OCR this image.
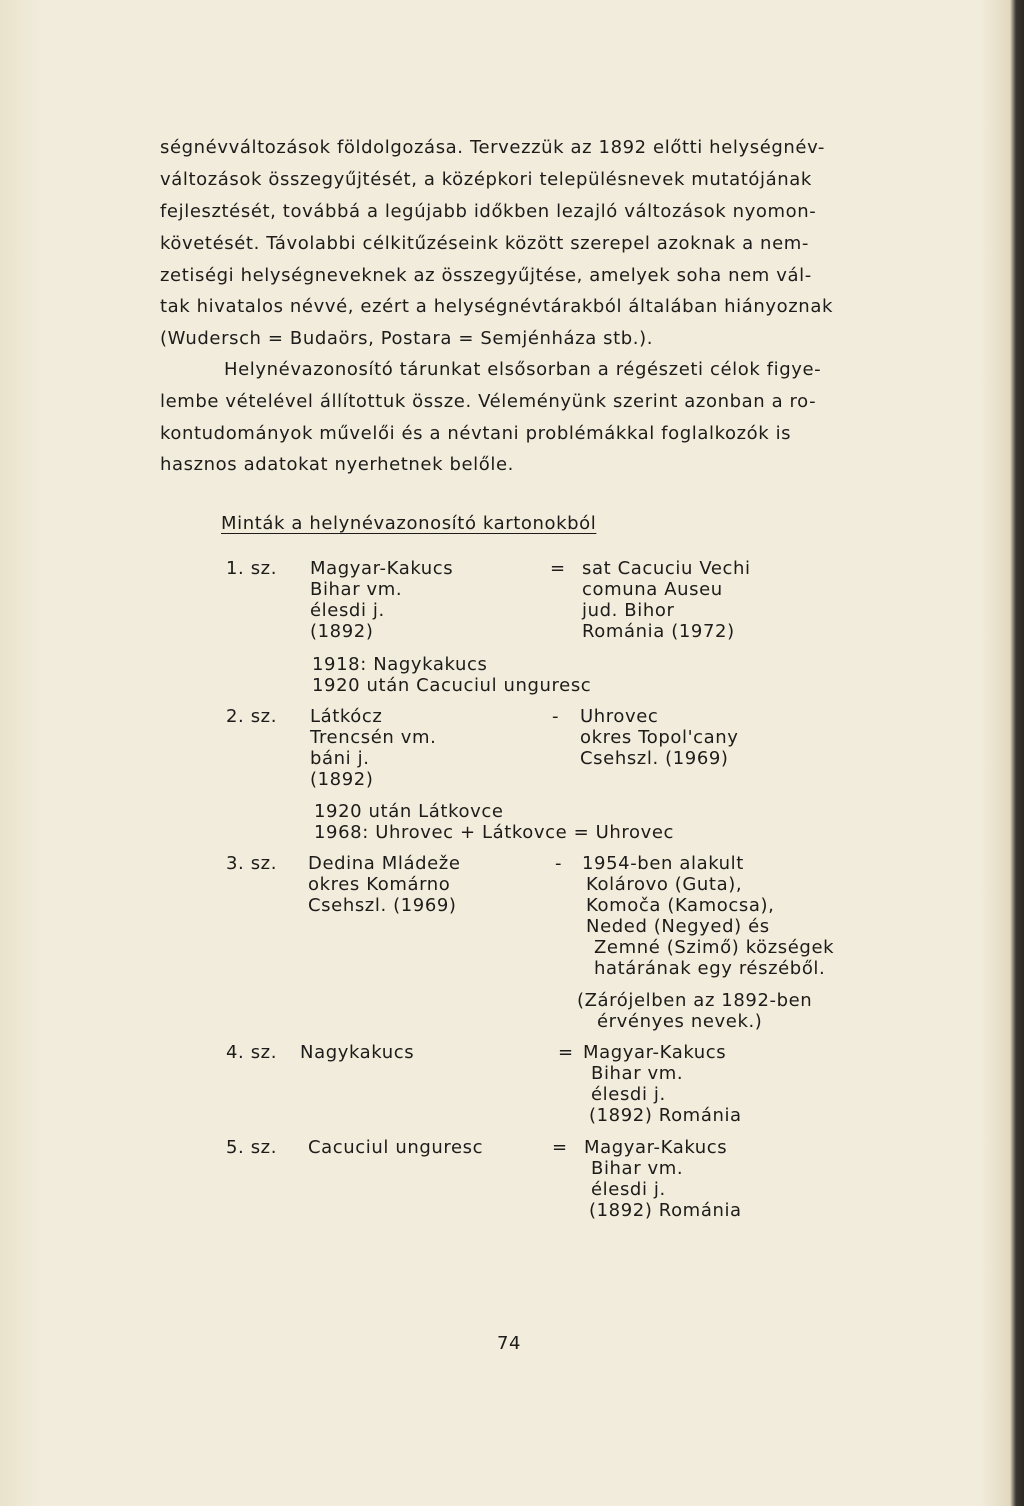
ségnévváltozások földolgozása. Tervezzük az 1892 előtti helységnév-
változások összegyűjtését, a középkori településnevek mutatójának
fejlesztését, továbbá a legújabb időkben lezajló változások nyomon-
követését. Távolabbi célkitűzéseink között szerepel azoknak a nem-
zetiségi helységneveknek az összegyűjtése, amelyek soha nem vál-
tak hivatalos névvé, ezért a helységnévtárakból általában hiányoznak
(Wudersch = Budaörs, Postara = Semjénháza stb.).
Helynévazonosító tárunkat elsősorban a régészeti célok figye-
lembe vételével állítottuk össze. Véleményünk szerint azonban a ro-
kontudományok művelői és a névtani problémákkal foglalkozók is
hasznos adatokat nyerhetnek belőle.
Minták a helynévazonosító kartonokból
1. sz. Magyar-Kakucs
Bihar vm.
élesdi j.
(1892)
= sat Cacuciu Vechi
comuna Auseu
jud. Bihor
Románia (1972)
1918: Nagykakucs
1920 után Cacuciul unguresc
2. sz. Látkócz
Trencsén vm.
báni j.
(1892)
- Uhrovec
okres Topol'cany
Csehszl. (1969)
1920 után Látkovce
1968: Uhrovec + Látkovce = Uhrovec
3. sz. Dedina Mládeže
okres Komárno
Csehszl. (1969)
- 1954-ben alakult
Kolárovo (Guta),
Komoča (Kamocsa),
Neded (Negyed) és
Zemné (Szimő) községek
határának egy részéből.
(Zárójelben az 1892-ben
érvényes nevek.)
4. sz. Nagykakucs	= Magyar-Kakucs
Bihar vm.
élesdi j.
(1892) Románia
5. sz. Cacuciul unguresc	= Magyar-Kakucs
Bihar vm.
élesdi j.
(1892) Románia
74
